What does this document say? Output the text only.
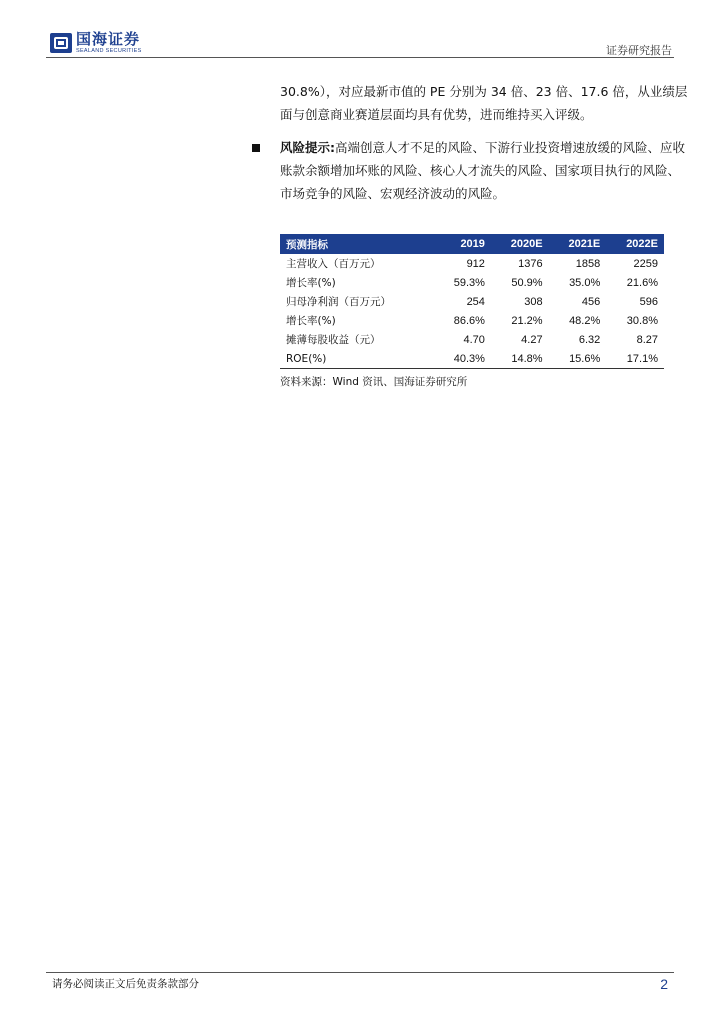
国海证券
SEALAND SECURITIES	证券研究报告
30.8%），对应最新市值的 PE 分别为 34 倍、23 倍、17.6 倍，从业绩层面与创意商业赛道层面均具有优势，进而维持买入评级。
风险提示:高端创意人才不足的风险、下游行业投资增速放缓的风险、应收账款余额增加坏账的风险、核心人才流失的风险、国家项目执行的风险、市场竞争的风险、宏观经济波动的风险。
预测指标	2019	2020E	2021E	2022E
主营收入（百万元）	912	1376	1858	2259
增长率(%)	59.3%	50.9%	35.0%	21.6%
归母净利润（百万元）	254	308	456	596
增长率(%)	86.6%	21.2%	48.2%	30.8%
摊薄每股收益（元）	4.70	4.27	6.32	8.27
ROE(%)	40.3%	14.8%	15.6%	17.1%
资料来源：Wind 资讯、国海证券研究所
请务必阅读正文后免责条款部分	2
